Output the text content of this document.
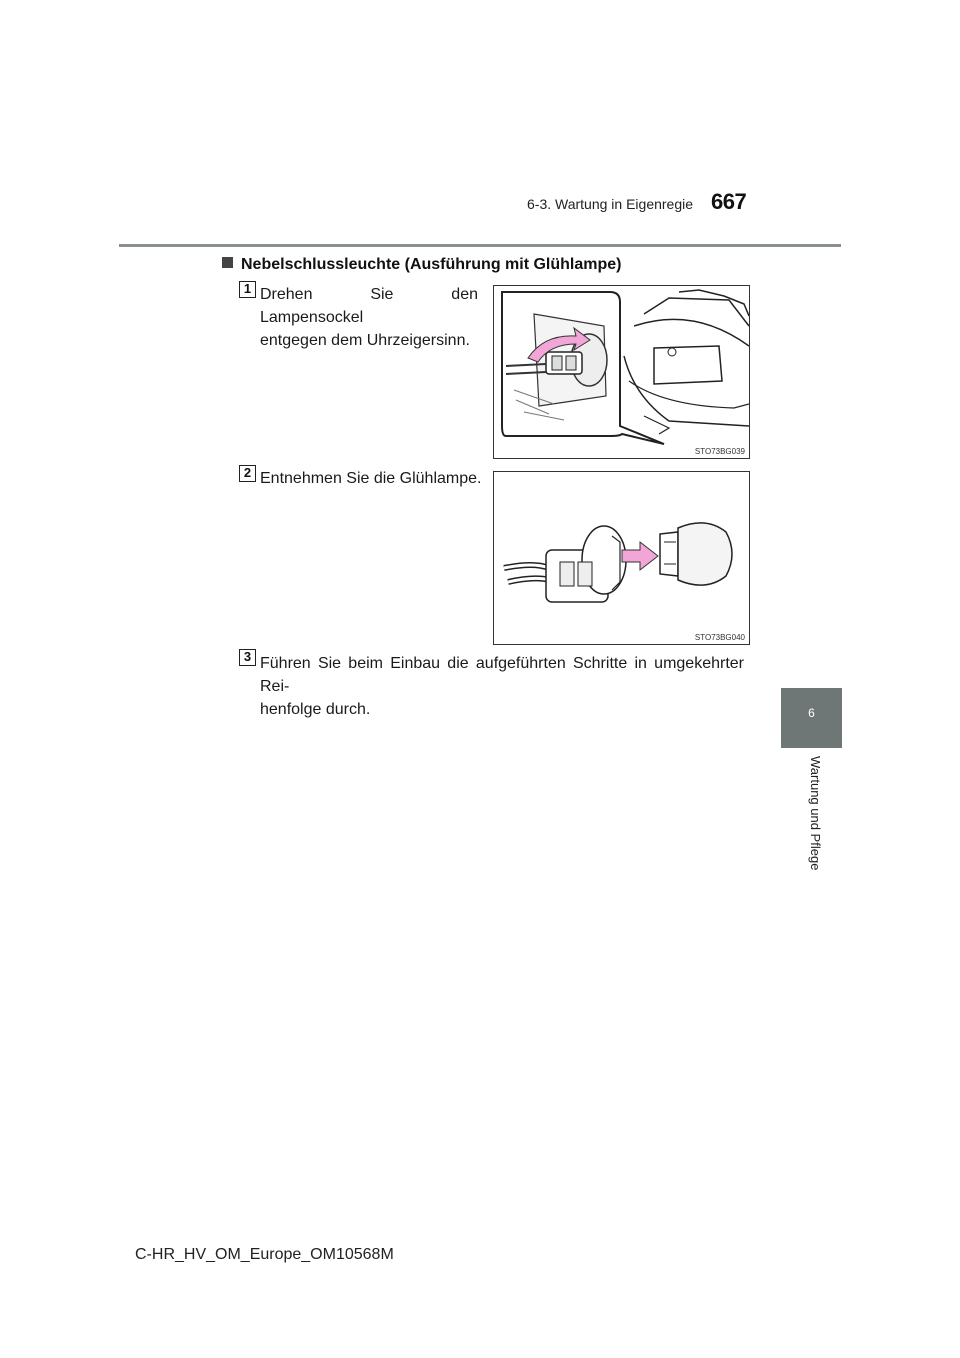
6-3. Wartung in Eigenregie 667
6
Wartung und Pflege
Nebelschlussleuchte (Ausführung mit Glühlampe)
1 Drehen Sie den Lampensockel
entgegen dem Uhrzeigersinn.
STO73BG039
2 Entnehmen Sie die Glühlampe.
STO73BG040
3 Führen Sie beim Einbau die aufgeführten Schritte in umgekehrter Rei-
henfolge durch.
C-HR_HV_OM_Europe_OM10568M
